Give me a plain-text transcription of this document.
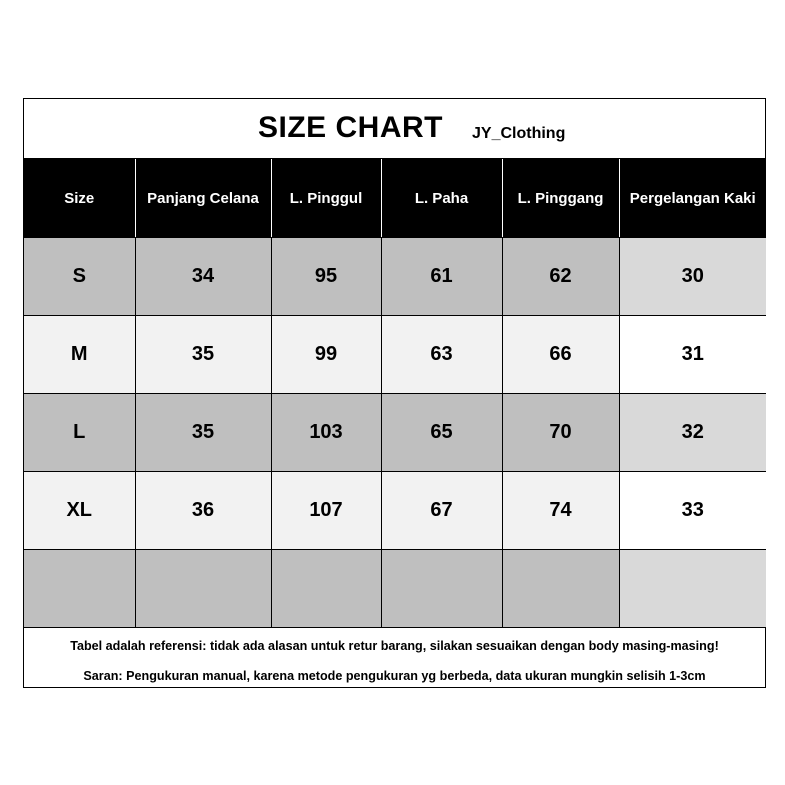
SIZE CHART JY_Clothing
Size	Panjang Celana	L. Pinggul	L. Paha	L. Pinggang	Pergelangan Kaki
S	34	95	61	62	30
M	35	99	63	66	31
L	35	103	65	70	32
XL	36	107	67	74	33

Tabel adalah referensi: tidak ada alasan untuk retur barang, silakan sesuaikan dengan body masing-masing!
Saran: Pengukuran manual, karena metode pengukuran yg berbeda, data ukuran mungkin selisih 1-3cm
